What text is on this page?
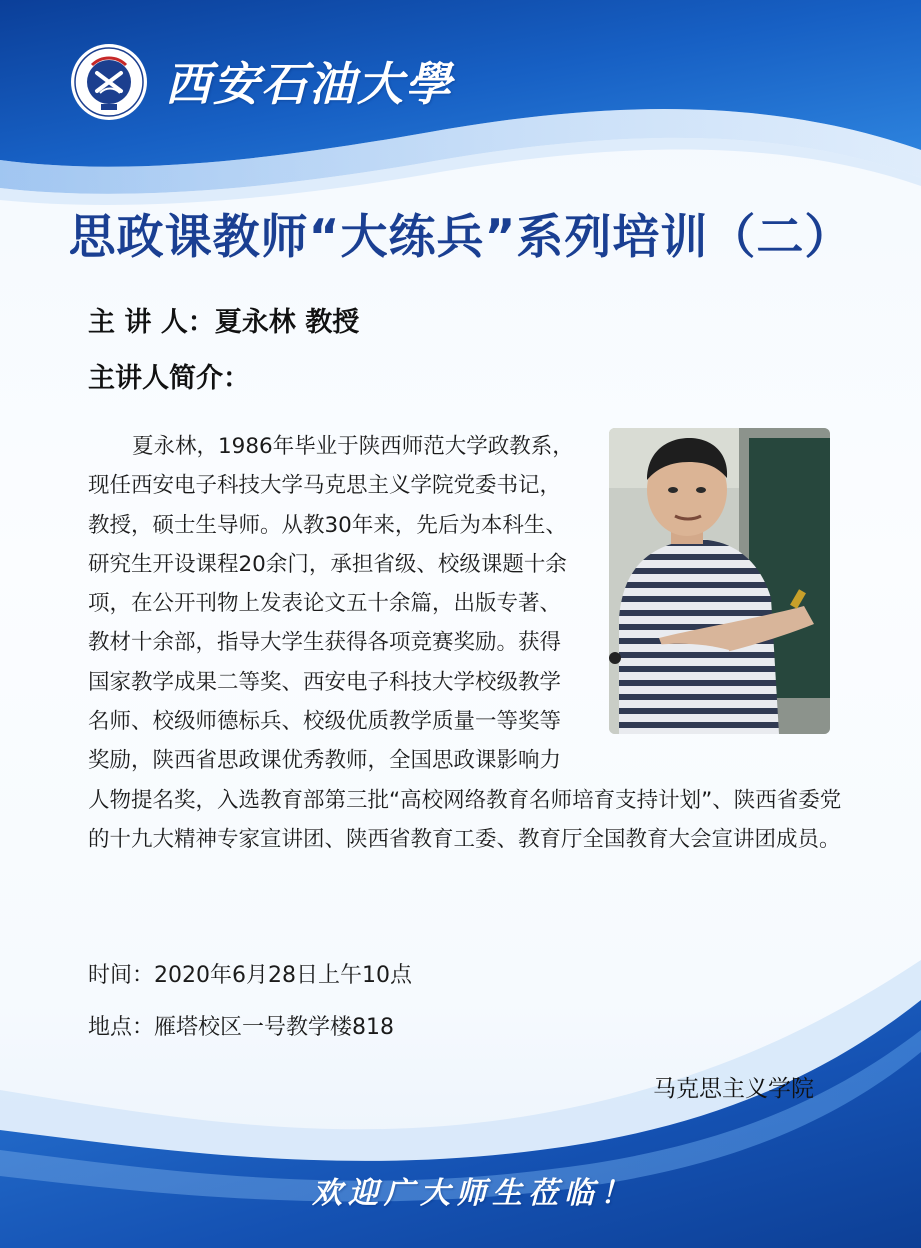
西安石油大學
思政课教师“大练兵”系列培训（二）
主 讲 人：夏永林 教授
主讲人简介：

夏永林，1986年毕业于陕西师范大学政教系，现任西安电子科技大学马克思主义学院党委书记，教授，硕士生导师。从教30年来，先后为本科生、研究生开设课程20余门，承担省级、校级课题十余项，在公开刊物上发表论文五十余篇，出版专著、教材十余部，指导大学生获得各项竞赛奖励。获得国家教学成果二等奖、西安电子科技大学校级教学名师、校级师德标兵、校级优质教学质量一等奖等奖励，陕西省思政课优秀教师，全国思政课影响力人物提名奖，入选教育部第三批“高校网络教育名师培育支持计划”、陕西省委党的十九大精神专家宣讲团、陕西省教育工委、教育厅全国教育大会宣讲团成员。

时间：2020年6月28日上午10点
地点：雁塔校区一号教学楼818
马克思主义学院
欢迎广大师生莅临！
